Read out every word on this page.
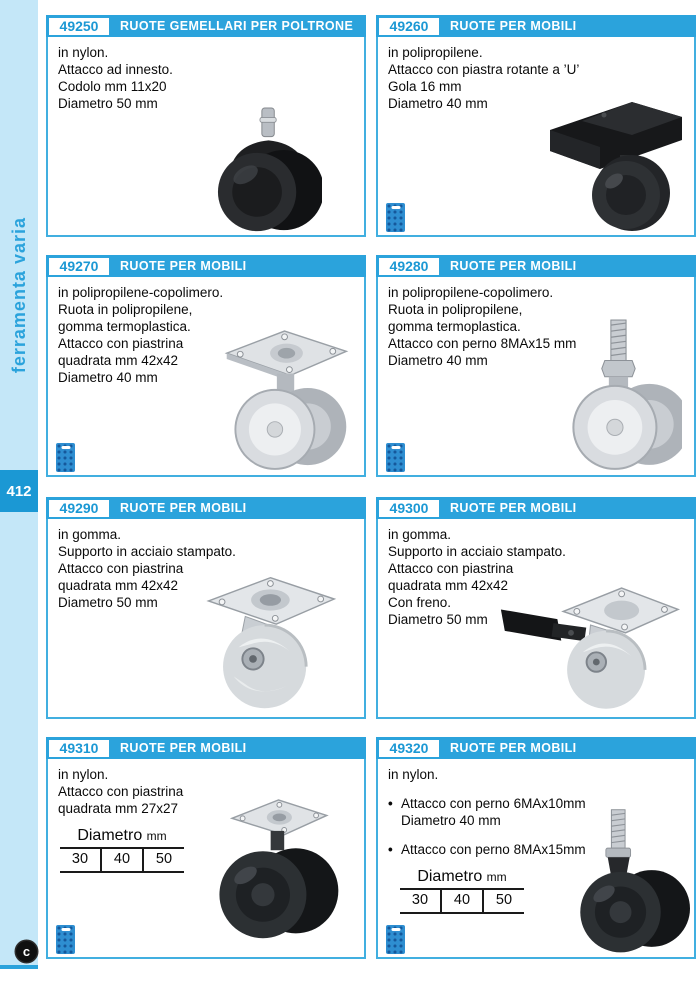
ferramenta varia
412
c
49250	RUOTE GEMELLARI PER POLTRONE
in nylon.
Attacco ad innesto.
Codolo mm 11x20
Diametro 50 mm
49260	RUOTE PER MOBILI
in polipropilene.
Attacco con piastra rotante a ’U’
Gola 16 mm
Diametro 40 mm
49270	RUOTE PER MOBILI
in polipropilene-copolimero.
Ruota in polipropilene,
gomma termoplastica.
Attacco con piastrina
quadrata mm 42x42
Diametro 40 mm
49280	RUOTE PER MOBILI
in polipropilene-copolimero.
Ruota in polipropilene,
gomma termoplastica.
Attacco con perno 8MAx15 mm
Diametro 40 mm
49290	RUOTE PER MOBILI
in gomma.
Supporto in acciaio stampato.
Attacco con piastrina
quadrata mm 42x42
Diametro 50 mm
49300	RUOTE PER MOBILI
in gomma.
Supporto in acciaio stampato.
Attacco con piastrina
quadrata mm 42x42
Con freno.
Diametro 50 mm
49310	RUOTE PER MOBILI
in nylon.
Attacco con piastrina
quadrata mm 27x27
Diametro mm
30	40	50
49320	RUOTE PER MOBILI
in nylon.
• Attacco con perno 6MAx10mm
Diametro 40 mm
• Attacco con perno 8MAx15mm
Diametro mm
30	40	50
